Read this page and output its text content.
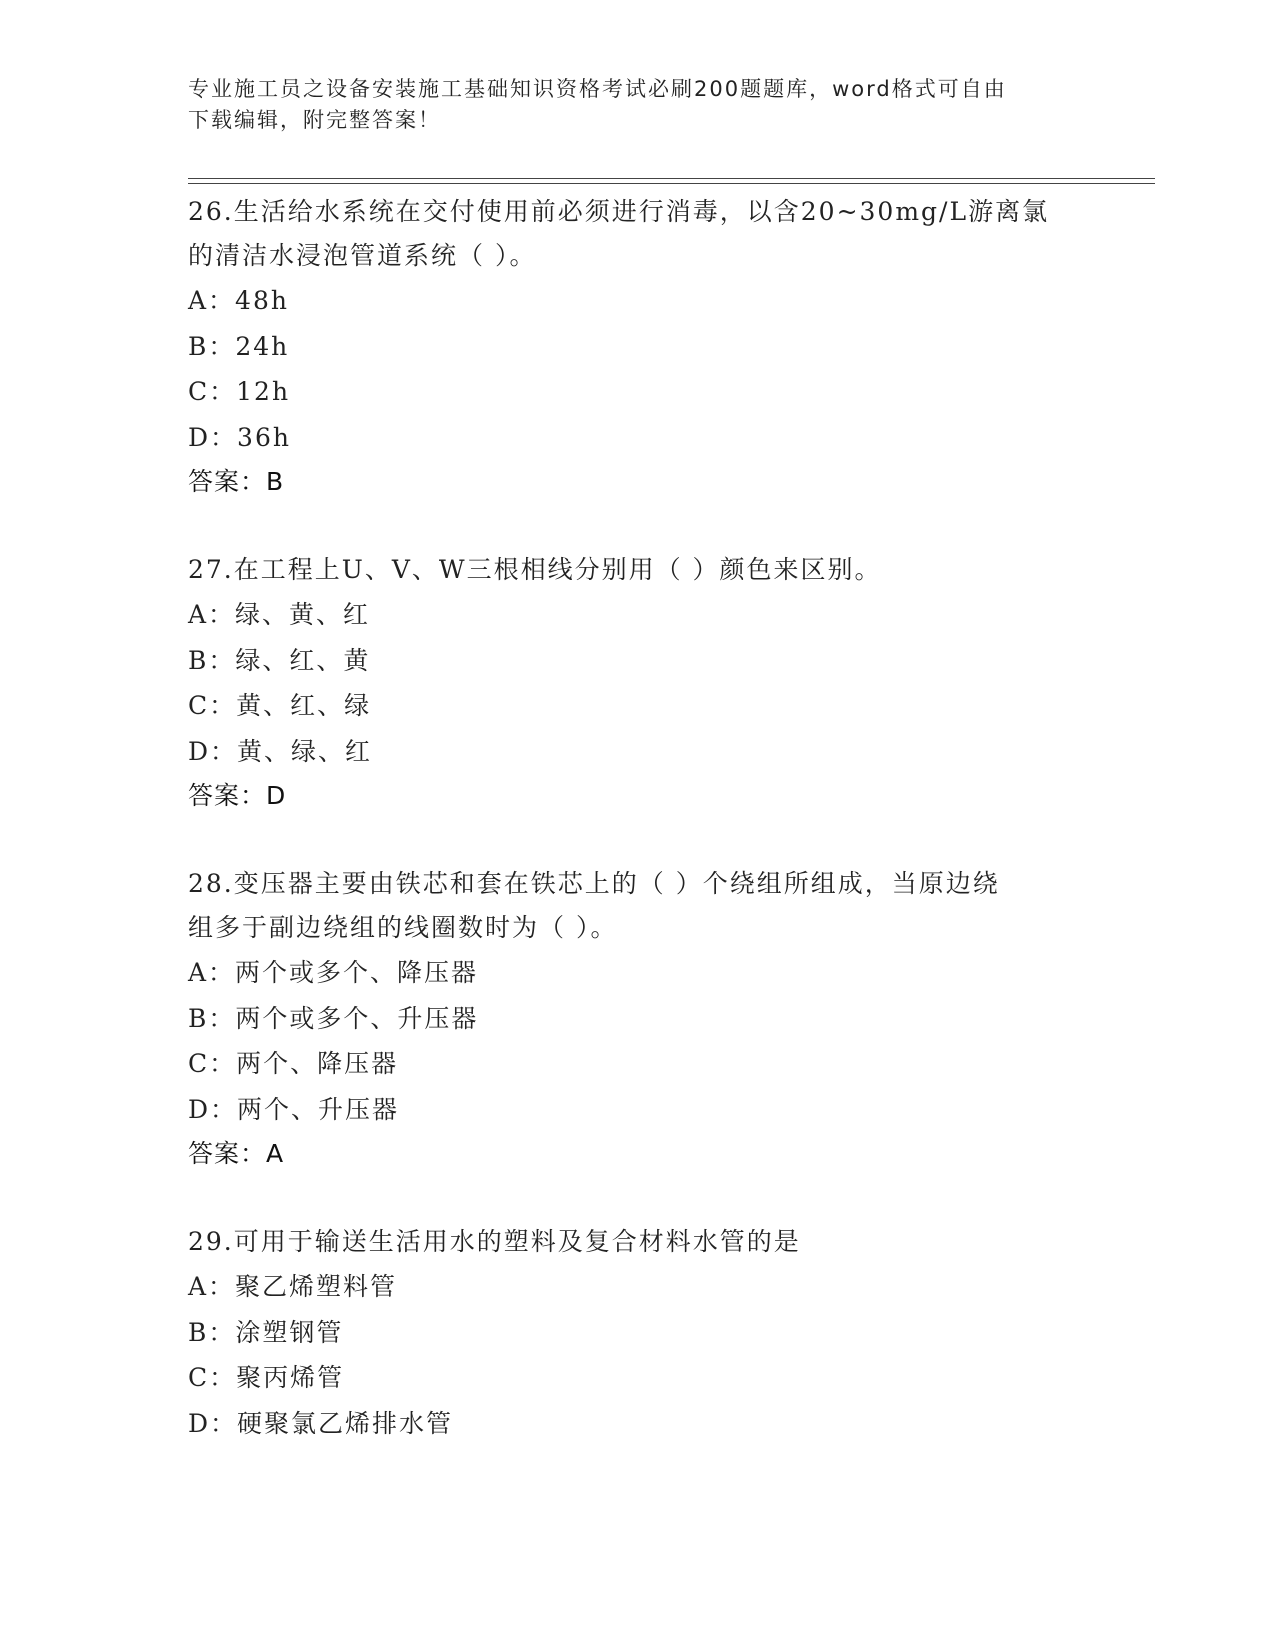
专业施工员之设备安装施工基础知识资格考试必刷200题题库，word格式可自由
下载编辑，附完整答案！
26.生活给水系统在交付使用前必须进行消毒，以含20~30mg/L游离氯
的清洁水浸泡管道系统（ ）。
A：48h
B：24h
C：12h
D：36h
答案：B
27.在工程上U、V、W三根相线分别用（ ）颜色来区别。
A：绿、黄、红
B：绿、红、黄
C：黄、红、绿
D：黄、绿、红
答案：D
28.变压器主要由铁芯和套在铁芯上的（ ）个绕组所组成，当原边绕
组多于副边绕组的线圈数时为（ ）。
A：两个或多个、降压器
B：两个或多个、升压器
C：两个、降压器
D：两个、升压器
答案：A
29.可用于输送生活用水的塑料及复合材料水管的是
A：聚乙烯塑料管
B：涂塑钢管
C：聚丙烯管
D：硬聚氯乙烯排水管
